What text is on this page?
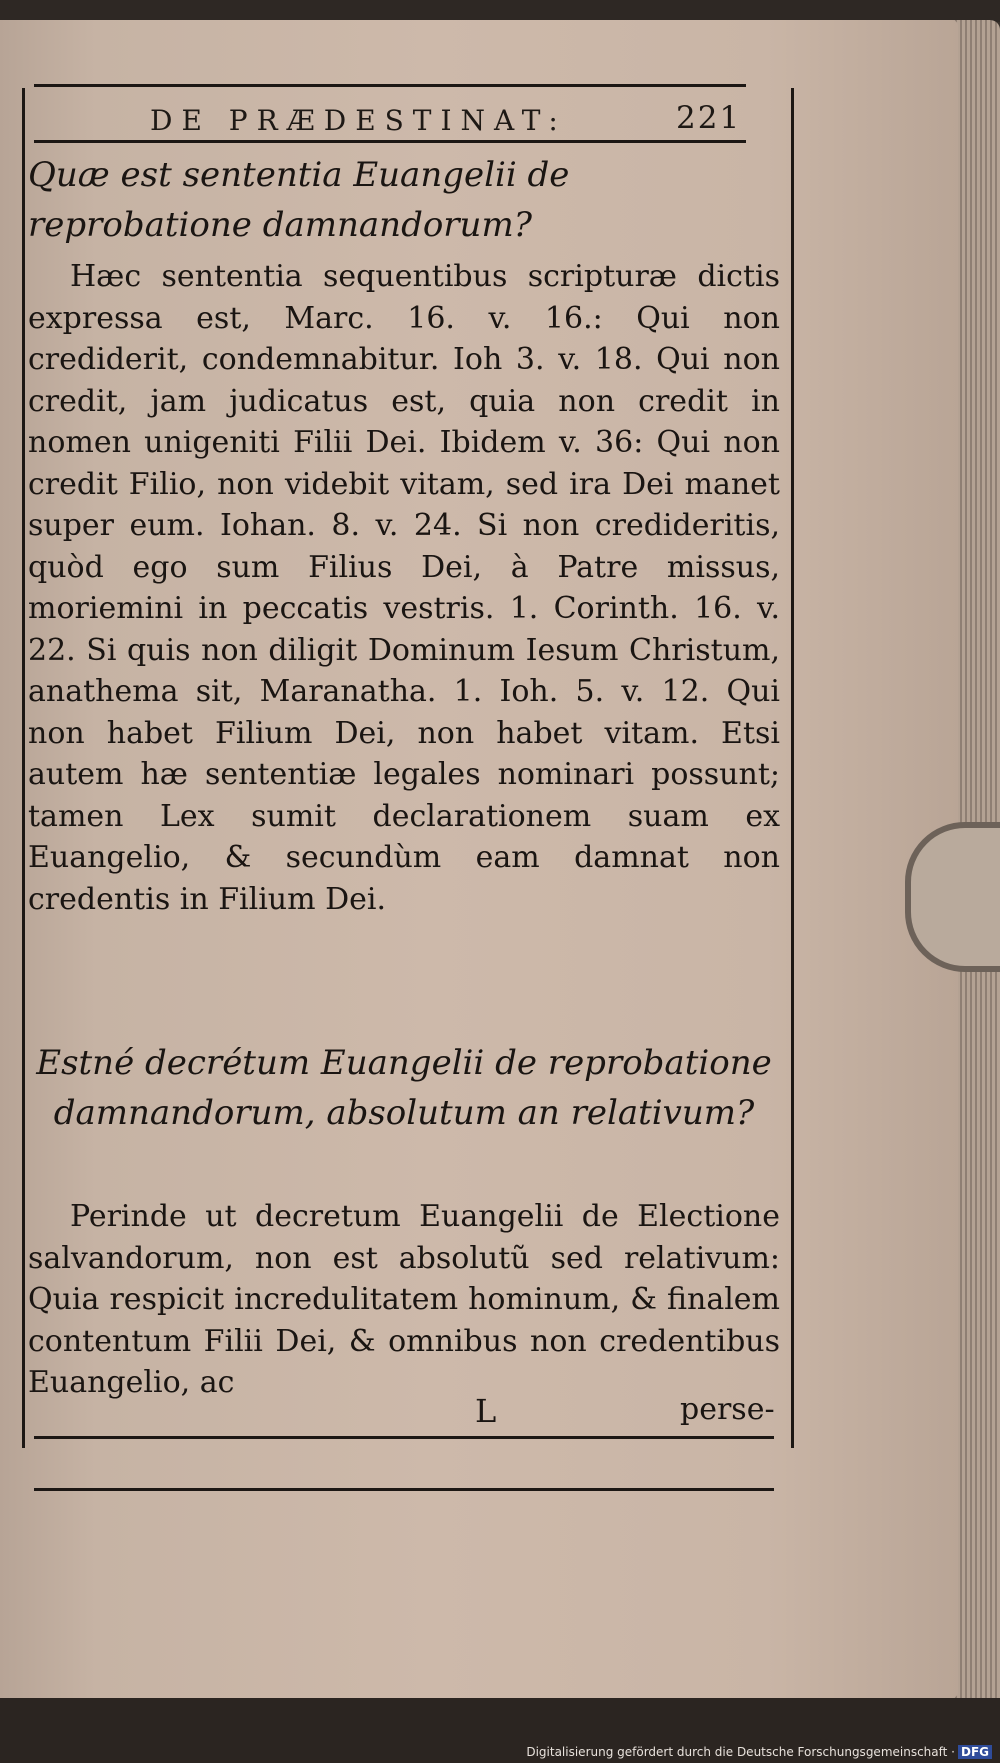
DE PRÆDESTINAT:	221
Quæ est sententia Euangelii de reprobatione damnandorum?
Hæc sententia sequentibus scripturæ dictis expressa est, Marc. 16. v. 16.: Qui non crediderit, condemnabitur. Ioh 3. v. 18. Qui non credit, jam judicatus est, quia non credit in nomen unigeniti Filii Dei. Ibidem v. 36: Qui non credit Filio, non videbit vitam, sed ira Dei manet super eum. Iohan. 8. v. 24. Si non credideritis, quòd ego sum Filius Dei, à Patre missus, moriemini in peccatis vestris. 1. Corinth. 16. v. 22. Si quis non diligit Dominum Iesum Christum, anathema sit, Maranatha. 1. Ioh. 5. v. 12. Qui non habet Filium Dei, non habet vitam. Etsi autem hæ sententiæ legales nominari possunt; tamen Lex sumit declarationem suam ex Euangelio, & secundùm eam damnat non credentis in Filium Dei.
Estné decrétum Euangelii de reprobatione damnandorum, absolutum an relativum?
Perinde ut decretum Euangelii de Electione salvandorum, non est absolutũ sed relativum: Quia respicit incredulitatem hominum, & finalem contentum Filii Dei, & omnibus non credentibus Euangelio, ac
L	perse-
Digitalisierung gefördert durch die Deutsche Forschungsgemeinschaft · DFG
